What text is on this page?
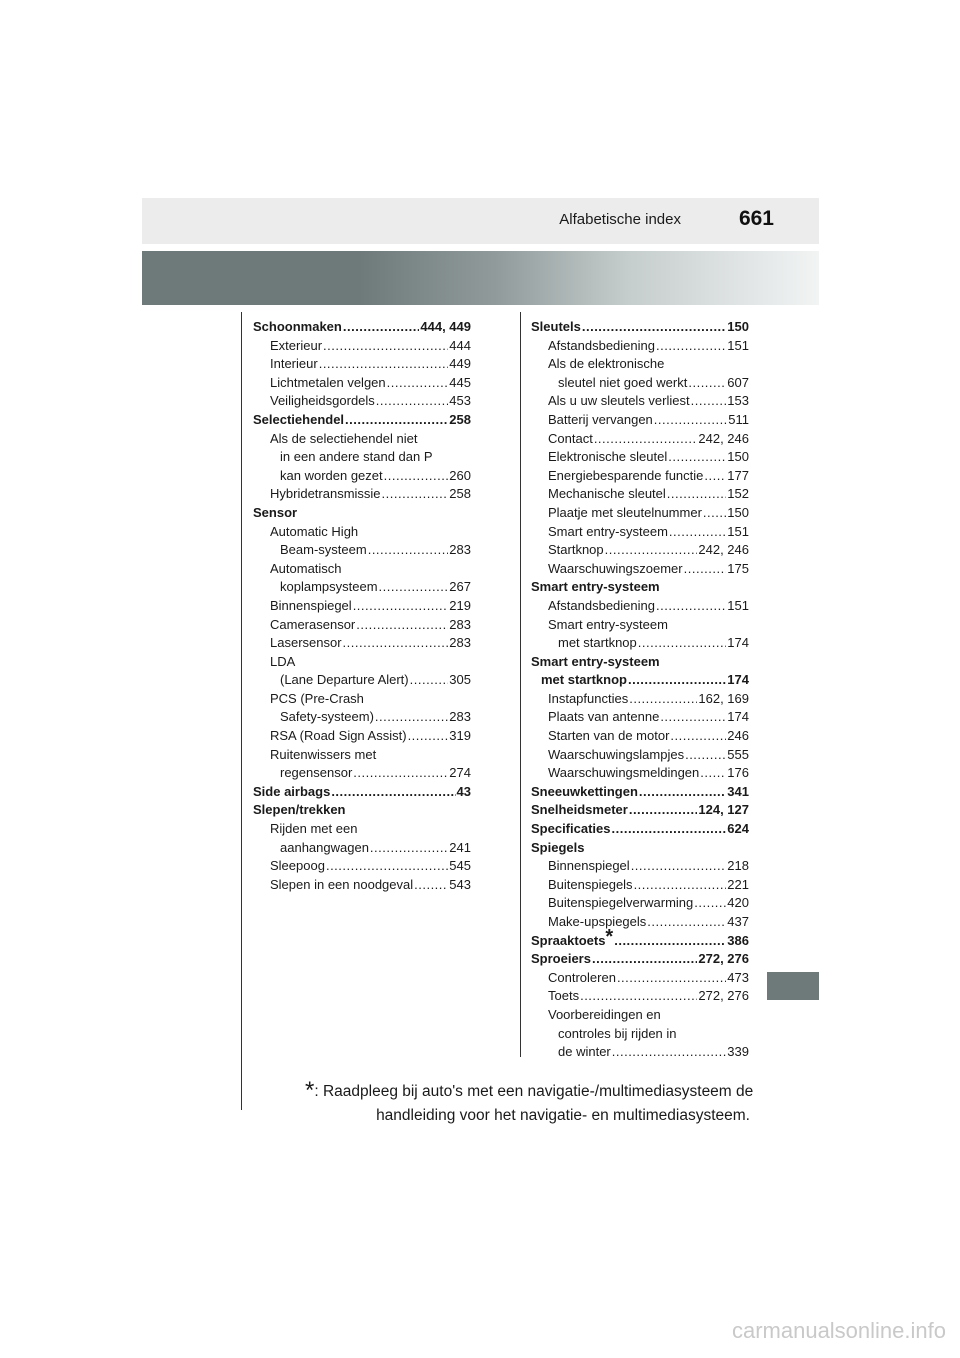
Alfabetische index	661
Schoonmaken .....	444, 449
Exterieur .....	444
Interieur .....	449
Lichtmetalen velgen .....	445
Veiligheidsgordels .....	453
Selectiehendel .....	258
Als de selectiehendel niet
in een andere stand dan P
kan worden gezet .....	260
Hybridetransmissie .....	258
Sensor
Automatic High
Beam-systeem .....	283
Automatisch
koplampsysteem .....	267
Binnenspiegel .....	219
Camerasensor .....	283
Lasersensor .....	283
LDA
(Lane Departure Alert) .....	305
PCS (Pre-Crash
Safety-systeem) .....	283
RSA (Road Sign Assist) .....	319
Ruitenwissers met
regensensor .....	274
Side airbags .....	43
Slepen/trekken
Rijden met een
aanhangwagen .....	241
Sleepoog .....	545
Slepen in een noodgeval .....	543
Sleutels .....	150
Afstandsbediening .....	151
Als de elektronische
sleutel niet goed werkt .....	607
Als u uw sleutels verliest .....	153
Batterij vervangen .....	511
Contact .....	242, 246
Elektronische sleutel .....	150
Energiebesparende functie ..... 177
Mechanische sleutel .....	152
Plaatje met sleutelnummer ..... 150
Smart entry-systeem .....	151
Startknop .....	242, 246
Waarschuwingszoemer .....	175
Smart entry-systeem
Afstandsbediening .....	151
Smart entry-systeem
met startknop .....	174
Smart entry-systeem
met startknop .....	174
Instapfuncties .....	162, 169
Plaats van antenne .....	174
Starten van de motor .....	246
Waarschuwingslampjes .....	555
Waarschuwingsmeldingen ..... 176
Sneeuwkettingen .....	341
Snelheidsmeter .....	124, 127
Specificaties .....	624
Spiegels
Binnenspiegel .....	218
Buitenspiegels .....	221
Buitenspiegelverwarming .....	420
Make-upspiegels .....	437
Spraaktoets* .....	386
Sproeiers .....	272, 276
Controleren .....	473
Toets .....	272, 276
Voorbereidingen en
controles bij rijden in
de winter .....	339
*: Raadpleeg bij auto's met een navigatie-/multimediasysteem de
handleiding voor het navigatie- en multimediasysteem.
carmanualsonline.info
